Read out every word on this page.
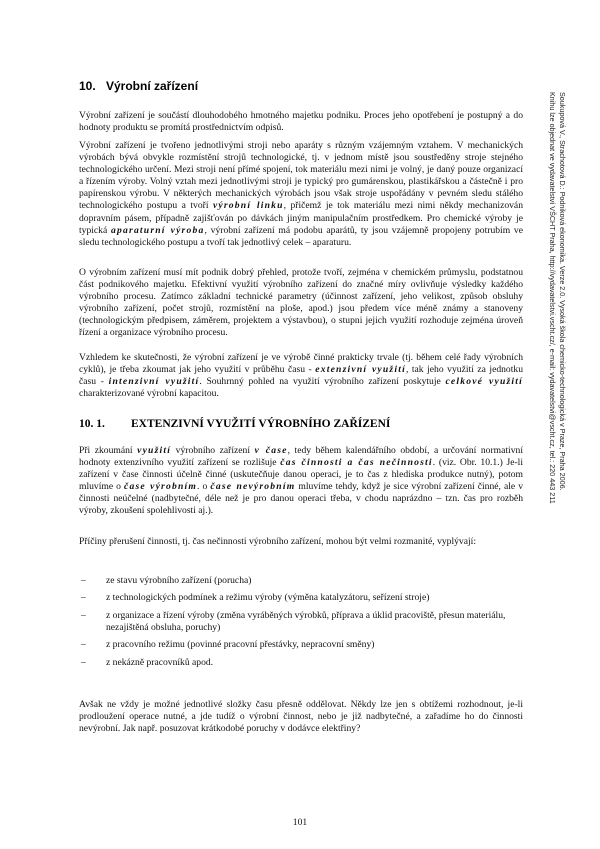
10. Výrobní zařízení

Výrobní zařízení je součástí dlouhodobého hmotného majetku podniku. Proces jeho opotřebení je postupný a do hodnoty produktu se promítá prostřednictvím odpisů.

Výrobní zařízení je tvořeno jednotlivými stroji nebo aparáty s různým vzájemným vztahem. V mechanických výrobách bývá obvykle rozmístění strojů technologické, tj. v jednom místě jsou soustředěny stroje stejného technologického určení. Mezi stroji není přímé spojení, tok materiálu mezi nimi je volný, je daný pouze organizací a řízením výroby. Volný vztah mezi jednotlivými stroji je typický pro gumárenskou, plastikářskou a částečně i pro papírenskou výrobu. V některých mechanických výrobách jsou však stroje uspořádány v pevném sledu stálého technologického postupu a tvoří výrobní linku, přičemž je tok materiálu mezi nimi někdy mechanizován dopravním pásem, případně zajišťován po dávkách jiným manipulačním prostředkem. Pro chemické výroby je typická aparaturní výroba, výrobní zařízení má podobu aparátů, ty jsou vzájemně propojeny potrubím ve sledu technologického postupu a tvoří tak jednotlivý celek – aparaturu.

O výrobním zařízení musí mít podnik dobrý přehled, protože tvoří, zejména v chemickém průmyslu, podstatnou část podnikového majetku. Efektivní využití výrobního zařízení do značné míry ovlivňuje výsledky každého výrobního procesu. Zatímco základní technické parametry (účinnost zařízení, jeho velikost, způsob obsluhy výrobního zařízení, počet strojů, rozmístění na ploše, apod.) jsou předem více méně známy a stanoveny (technologickým předpisem, záměrem, projektem a výstavbou), o stupni jejich využití rozhoduje zejména úroveň řízení a organizace výrobního procesu.

Vzhledem ke skutečnosti, že výrobní zařízení je ve výrobě činné prakticky trvale (tj. během celé řady výrobních cyklů), je třeba zkoumat jak jeho využití v průběhu času - extenzivní využití, tak jeho využití za jednotku času - intenzivní využití. Souhrnný pohled na využití výrobního zařízení poskytuje celkové využití charakterizované výrobní kapacitou.

10. 1. EXTENZIVNÍ VYUŽITÍ VÝROBNÍHO ZAŘÍZENÍ

Při zkoumání využití výrobního zařízení v čase, tedy během kalendářního období, a určování normativní hodnoty extenzivního využití zařízení se rozlišuje čas činnosti a čas nečinnosti. (viz. Obr. 10.1.) Je-li zařízení v čase činnosti účelně činné (uskutečňuje danou operaci, je to čas z hlediska produkce nutný), potom mluvíme o čase výrobním. o čase nevýrobním mluvíme tehdy, když je sice výrobní zařízení činné, ale v činnosti neúčelné (nadbytečné, déle než je pro danou operaci třeba, v chodu naprázdno – tzn. čas pro rozběh výroby, zkoušení spolehlivosti aj.).

Příčiny přerušení činnosti, tj. čas nečinnosti výrobního zařízení, mohou být velmi rozmanité, vyplývají:

– ze stavu výrobního zařízení (porucha)
– z technologických podmínek a režimu výroby (výměna katalyzátoru, seřízení stroje)
– z organizace a řízení výroby (změna vyráběných výrobků, příprava a úklid pracoviště, přesun materiálu, nezajištěná obsluha, poruchy)
– z pracovního režimu (povinné pracovní přestávky, nepracovní směny)
– z nekázně pracovníků apod.

Avšak ne vždy je možné jednotlivé složky času přesně oddělovat. Někdy lze jen s obtížemi rozhodnout, je-li prodloužení operace nutné, a jde tudíž o výrobní činnost, nebo je již nadbytečné, a zařadíme ho do činnosti nevýrobní. Jak např. posuzovat krátkodobé poruchy v dodávce elektřiny?

101
Soukupová V., Strachotová D.: Podniková ekonomika. Verze 2.0. Vysoká škola chemicko-technologická v Praze, Praha 2006.
Knihu lze objednat ve vydavatelství VŠCHT Praha, http://vydavatelstvi.vscht.cz/, e-mail: vydavatelstvi@vscht.cz, tel.: 220 443 211
